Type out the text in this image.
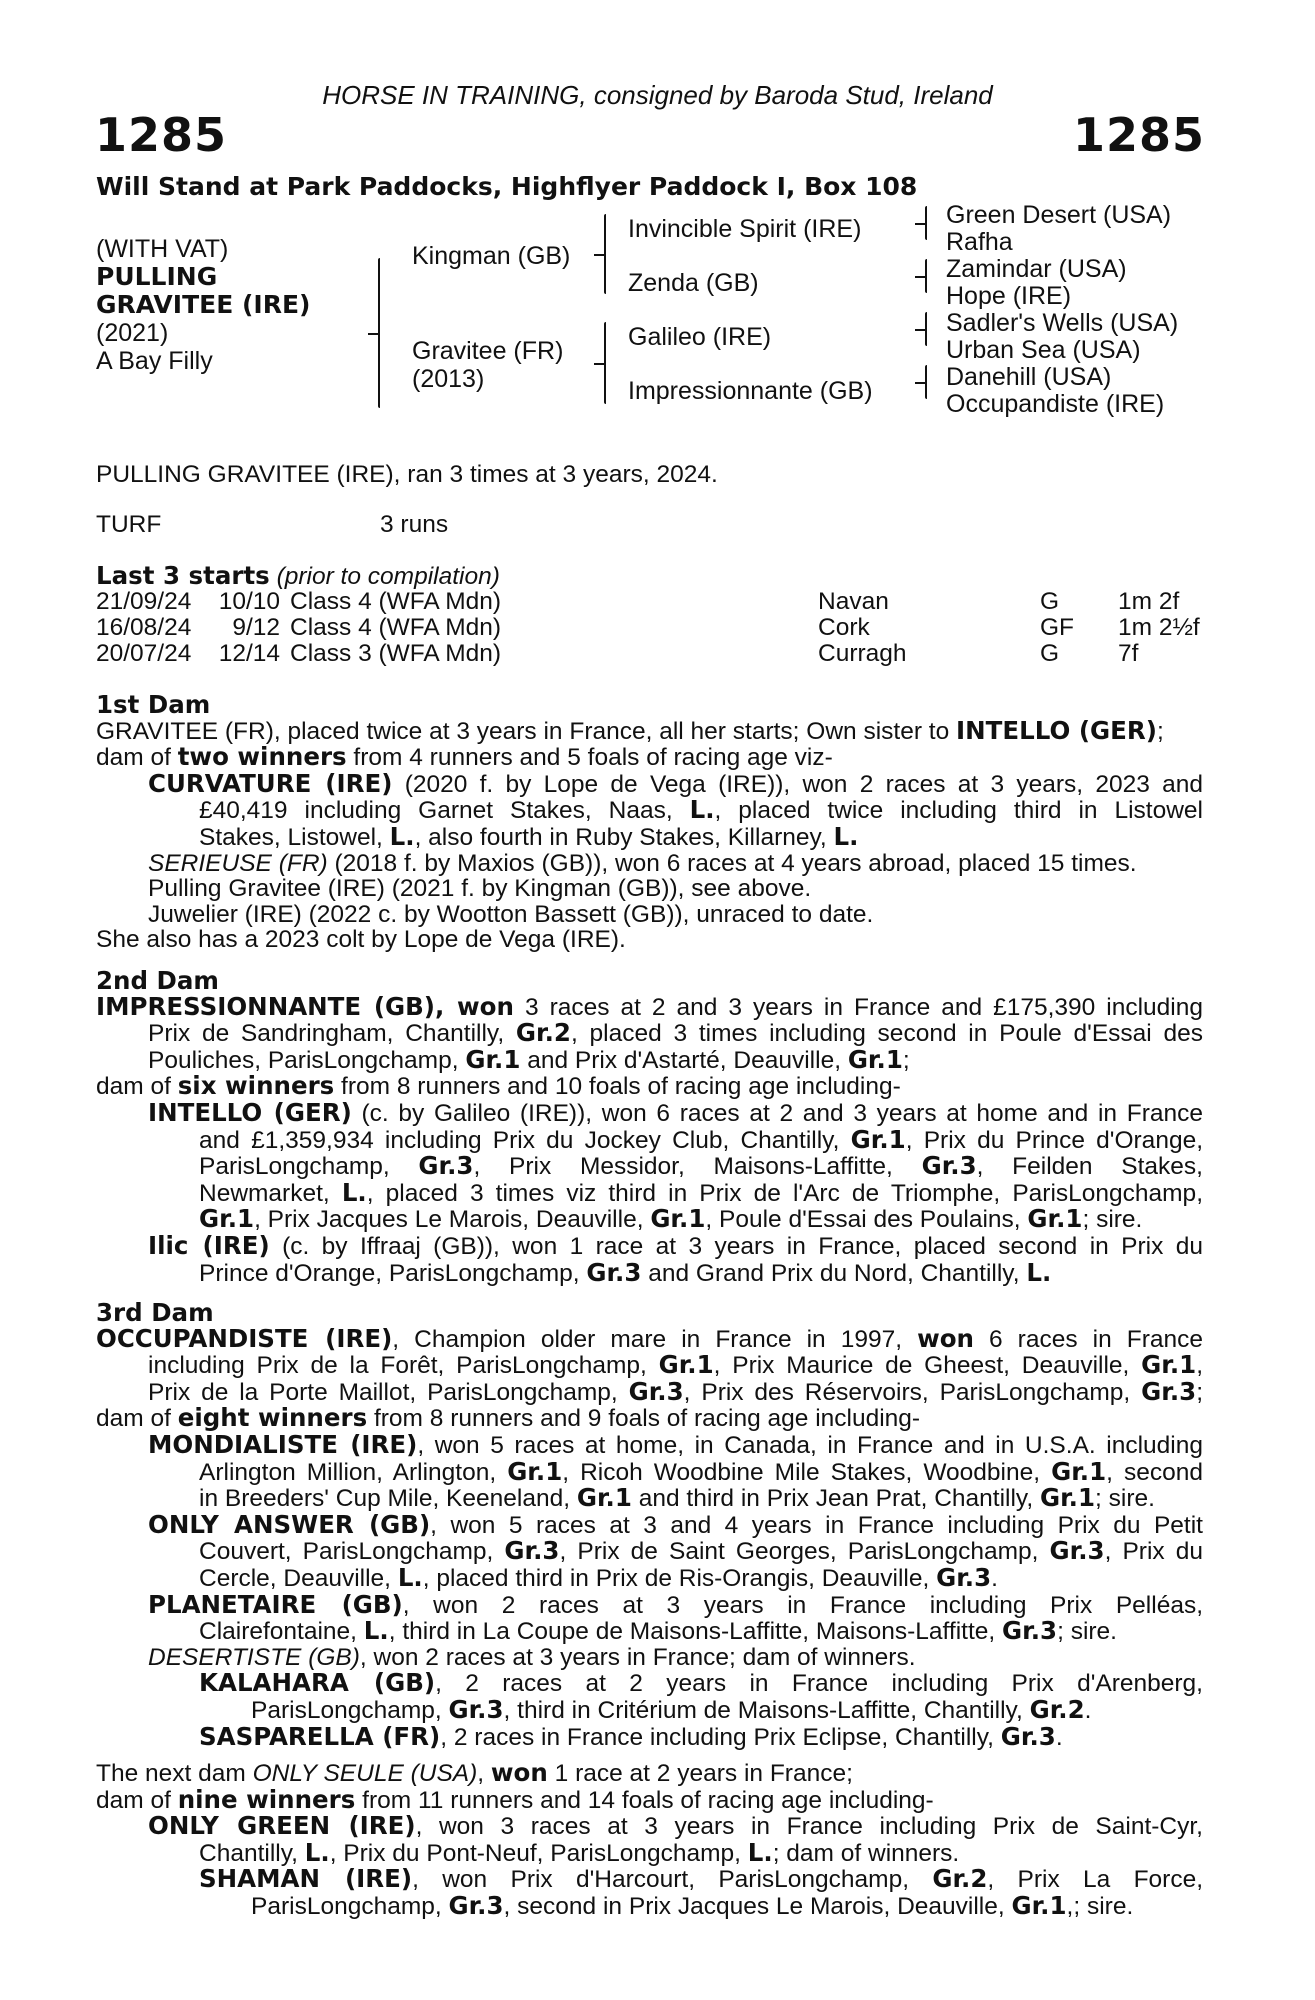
HORSE IN TRAINING, consigned by Baroda Stud, Ireland
1285	1285
Will Stand at Park Paddocks, Highflyer Paddock I, Box 108
(WITH VAT)
PULLING
GRAVITEE (IRE)
(2021)
A Bay Filly
Kingman (GB)
Gravitee (FR)
(2013)
Invincible Spirit (IRE)
Zenda (GB)
Galileo (IRE)
Impressionnante (GB)
Green Desert (USA)
Rafha
Zamindar (USA)
Hope (IRE)
Sadler's Wells (USA)
Urban Sea (USA)
Danehill (USA)
Occupandiste (IRE)
PULLING GRAVITEE (IRE), ran 3 times at 3 years, 2024.
TURF	3 runs
Last 3 starts (prior to compilation)
21/09/24	10/10 Class 4 (WFA Mdn)	Navan	G 1m 2f
16/08/24	9/12 Class 4 (WFA Mdn)	Cork	GF 1m 2½f
20/07/24	12/14 Class 3 (WFA Mdn)	Curragh	G 7f
1st Dam
GRAVITEE (FR), placed twice at 3 years in France, all her starts; Own sister to INTELLO (GER);
dam of two winners from 4 runners and 5 foals of racing age viz-
CURVATURE (IRE) (2020 f. by Lope de Vega (IRE)), won 2 races at 3 years, 2023 and
£40,419 including Garnet Stakes, Naas, L., placed twice including third in Listowel
Stakes, Listowel, L., also fourth in Ruby Stakes, Killarney, L.
SERIEUSE (FR) (2018 f. by Maxios (GB)), won 6 races at 4 years abroad, placed 15 times.
Pulling Gravitee (IRE) (2021 f. by Kingman (GB)), see above.
Juwelier (IRE) (2022 c. by Wootton Bassett (GB)), unraced to date.
She also has a 2023 colt by Lope de Vega (IRE).
2nd Dam
IMPRESSIONNANTE (GB), won 3 races at 2 and 3 years in France and £175,390 including
Prix de Sandringham, Chantilly, Gr.2, placed 3 times including second in Poule d'Essai des
Pouliches, ParisLongchamp, Gr.1 and Prix d'Astarté, Deauville, Gr.1;
dam of six winners from 8 runners and 10 foals of racing age including-
INTELLO (GER) (c. by Galileo (IRE)), won 6 races at 2 and 3 years at home and in France
and £1,359,934 including Prix du Jockey Club, Chantilly, Gr.1, Prix du Prince d'Orange,
ParisLongchamp, Gr.3, Prix Messidor, Maisons-Laffitte, Gr.3, Feilden Stakes,
Newmarket, L., placed 3 times viz third in Prix de l'Arc de Triomphe, ParisLongchamp,
Gr.1, Prix Jacques Le Marois, Deauville, Gr.1, Poule d'Essai des Poulains, Gr.1; sire.
Ilic (IRE) (c. by Iffraaj (GB)), won 1 race at 3 years in France, placed second in Prix du
Prince d'Orange, ParisLongchamp, Gr.3 and Grand Prix du Nord, Chantilly, L.
3rd Dam
OCCUPANDISTE (IRE), Champion older mare in France in 1997, won 6 races in France
including Prix de la Forêt, ParisLongchamp, Gr.1, Prix Maurice de Gheest, Deauville, Gr.1,
Prix de la Porte Maillot, ParisLongchamp, Gr.3, Prix des Réservoirs, ParisLongchamp, Gr.3;
dam of eight winners from 8 runners and 9 foals of racing age including-
MONDIALISTE (IRE), won 5 races at home, in Canada, in France and in U.S.A. including
Arlington Million, Arlington, Gr.1, Ricoh Woodbine Mile Stakes, Woodbine, Gr.1, second
in Breeders' Cup Mile, Keeneland, Gr.1 and third in Prix Jean Prat, Chantilly, Gr.1; sire.
ONLY ANSWER (GB), won 5 races at 3 and 4 years in France including Prix du Petit
Couvert, ParisLongchamp, Gr.3, Prix de Saint Georges, ParisLongchamp, Gr.3, Prix du
Cercle, Deauville, L., placed third in Prix de Ris-Orangis, Deauville, Gr.3.
PLANETAIRE (GB), won 2 races at 3 years in France including Prix Pelléas,
Clairefontaine, L., third in La Coupe de Maisons-Laffitte, Maisons-Laffitte, Gr.3; sire.
DESERTISTE (GB), won 2 races at 3 years in France; dam of winners.
KALAHARA (GB), 2 races at 2 years in France including Prix d'Arenberg,
ParisLongchamp, Gr.3, third in Critérium de Maisons-Laffitte, Chantilly, Gr.2.
SASPARELLA (FR), 2 races in France including Prix Eclipse, Chantilly, Gr.3.
The next dam ONLY SEULE (USA), won 1 race at 2 years in France;
dam of nine winners from 11 runners and 14 foals of racing age including-
ONLY GREEN (IRE), won 3 races at 3 years in France including Prix de Saint-Cyr,
Chantilly, L., Prix du Pont-Neuf, ParisLongchamp, L.; dam of winners.
SHAMAN (IRE), won Prix d'Harcourt, ParisLongchamp, Gr.2, Prix La Force,
ParisLongchamp, Gr.3, second in Prix Jacques Le Marois, Deauville, Gr.1,; sire.
